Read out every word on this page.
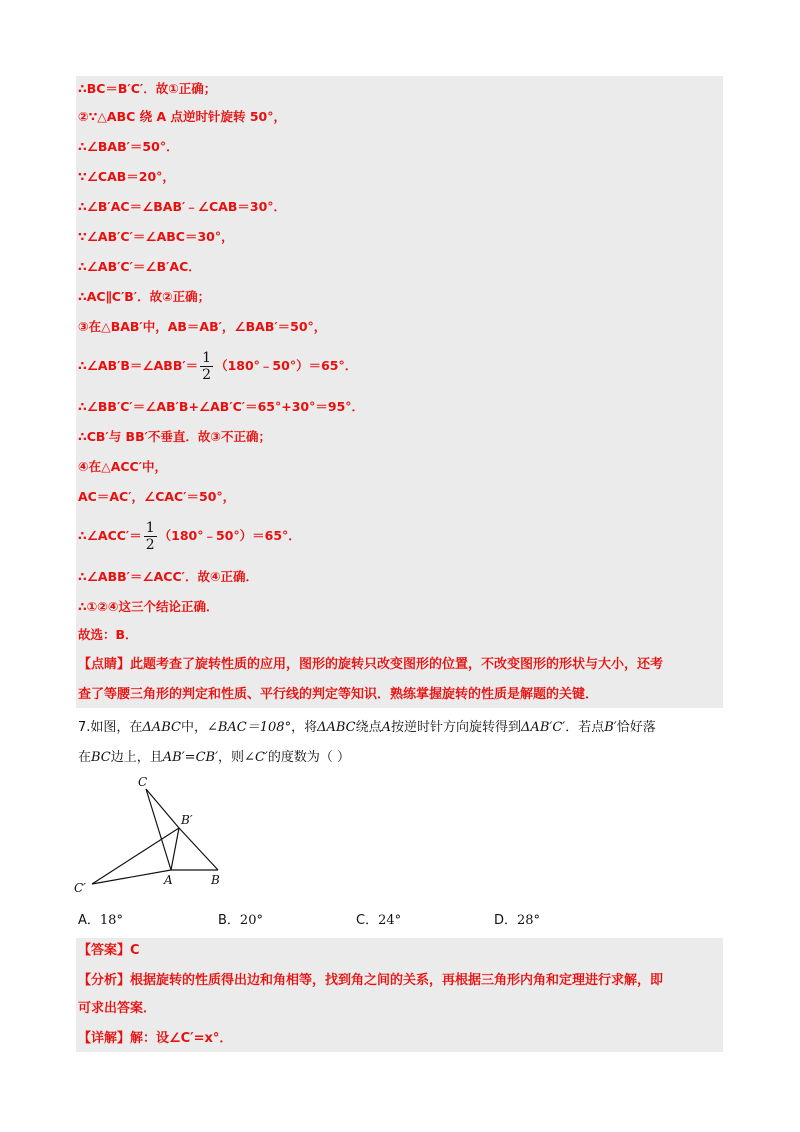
∴BC＝B′C′．故①正确；
②∵△ABC 绕 A 点逆时针旋转 50°，
∴∠BAB′＝50°．
∵∠CAB＝20°，
∴∠B′AC＝∠BAB′﹣∠CAB＝30°．
∵∠AB′C′＝∠ABC＝30°，
∴∠AB′C′＝∠B′AC．
∴AC∥C′B′．故②正确；
③在△BAB′中，AB＝AB′，∠BAB′＝50°，
∴∠AB′B＝∠ABB′＝ $\frac{1}{2}$ （180°﹣50°）＝65°．
∴∠BB′C′＝∠AB′B+∠AB′C′＝65°+30°＝95°．
∴CB′与 BB′不垂直．故③不正确；
④在△ACC′中，
AC＝AC′，∠CAC′＝50°，
∴∠ACC′＝ $\frac{1}{2}$ （180°﹣50°）＝65°．
∴∠ABB′＝∠ACC′．故④正确．
∴①②④这三个结论正确．
故选：B．
【点睛】此题考查了旋转性质的应用，图形的旋转只改变图形的位置，不改变图形的形状与大小，还考
查了等腰三角形的判定和性质、平行线的判定等知识．熟练掌握旋转的性质是解题的关键．
7.如图，在ΔABC中，∠BAC＝108°，将ΔABC绕点A按逆时针方向旋转得到ΔAB′C′．若点B′恰好落
在BC边上，且AB′=CB′，则∠C′的度数为（ ）
C
B′
C′
A	B
A．18°	B．20°	C．24°	D．28°
【答案】C
【分析】根据旋转的性质得出边和角相等，找到角之间的关系，再根据三角形内角和定理进行求解，即
可求出答案．
【详解】解：设∠C′=x°．
